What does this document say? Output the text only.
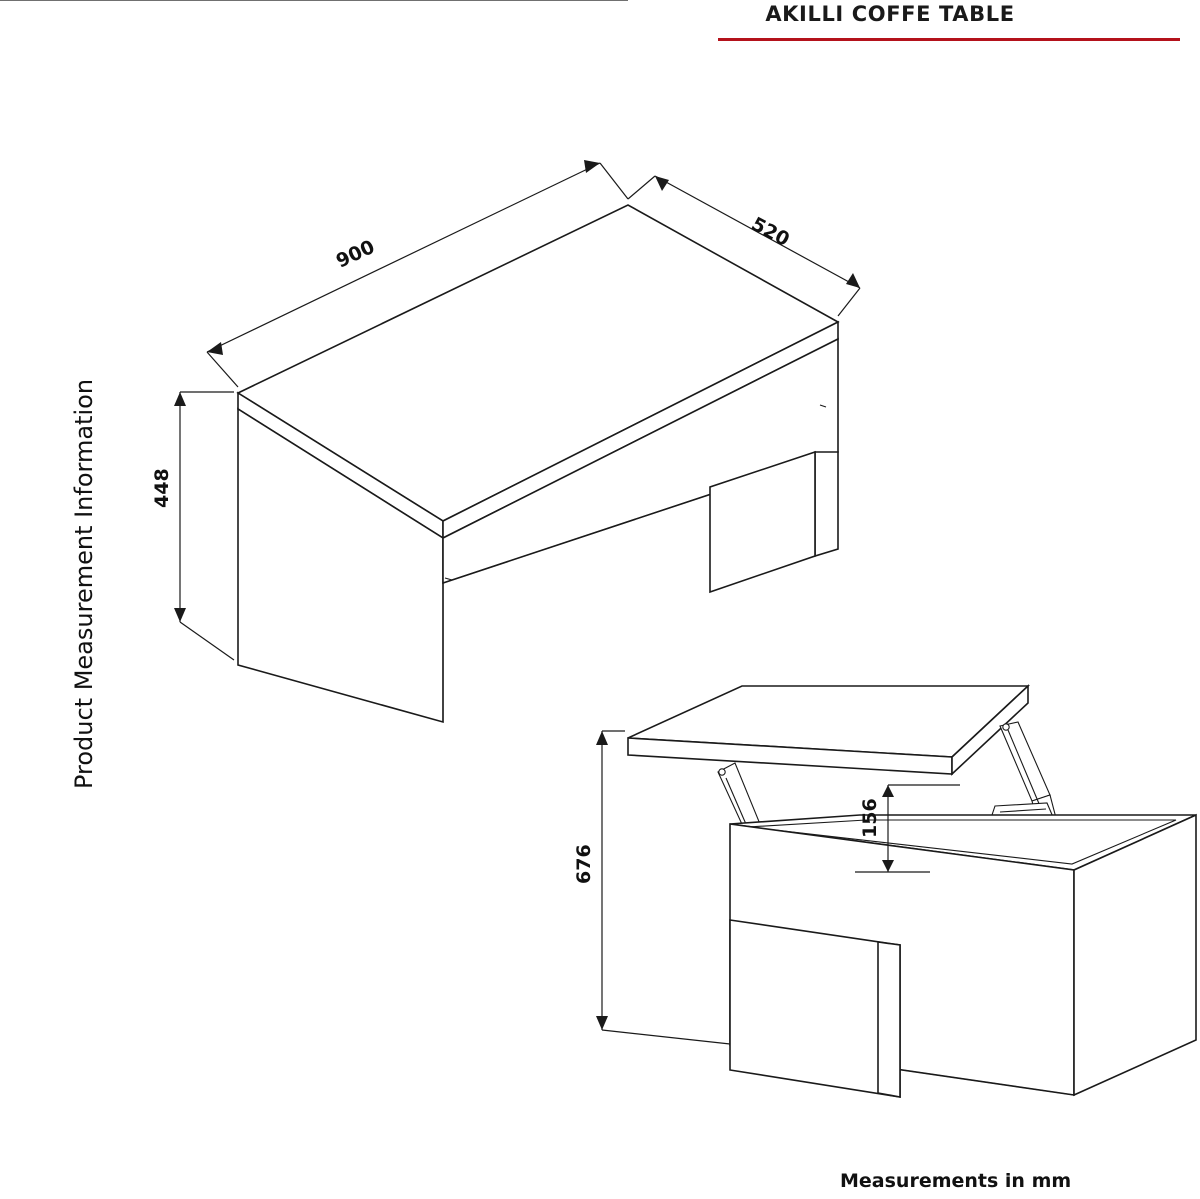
AKILLI COFFE TABLE
Product Measurement Information
900
520
448
676
156
Measurements in mm
